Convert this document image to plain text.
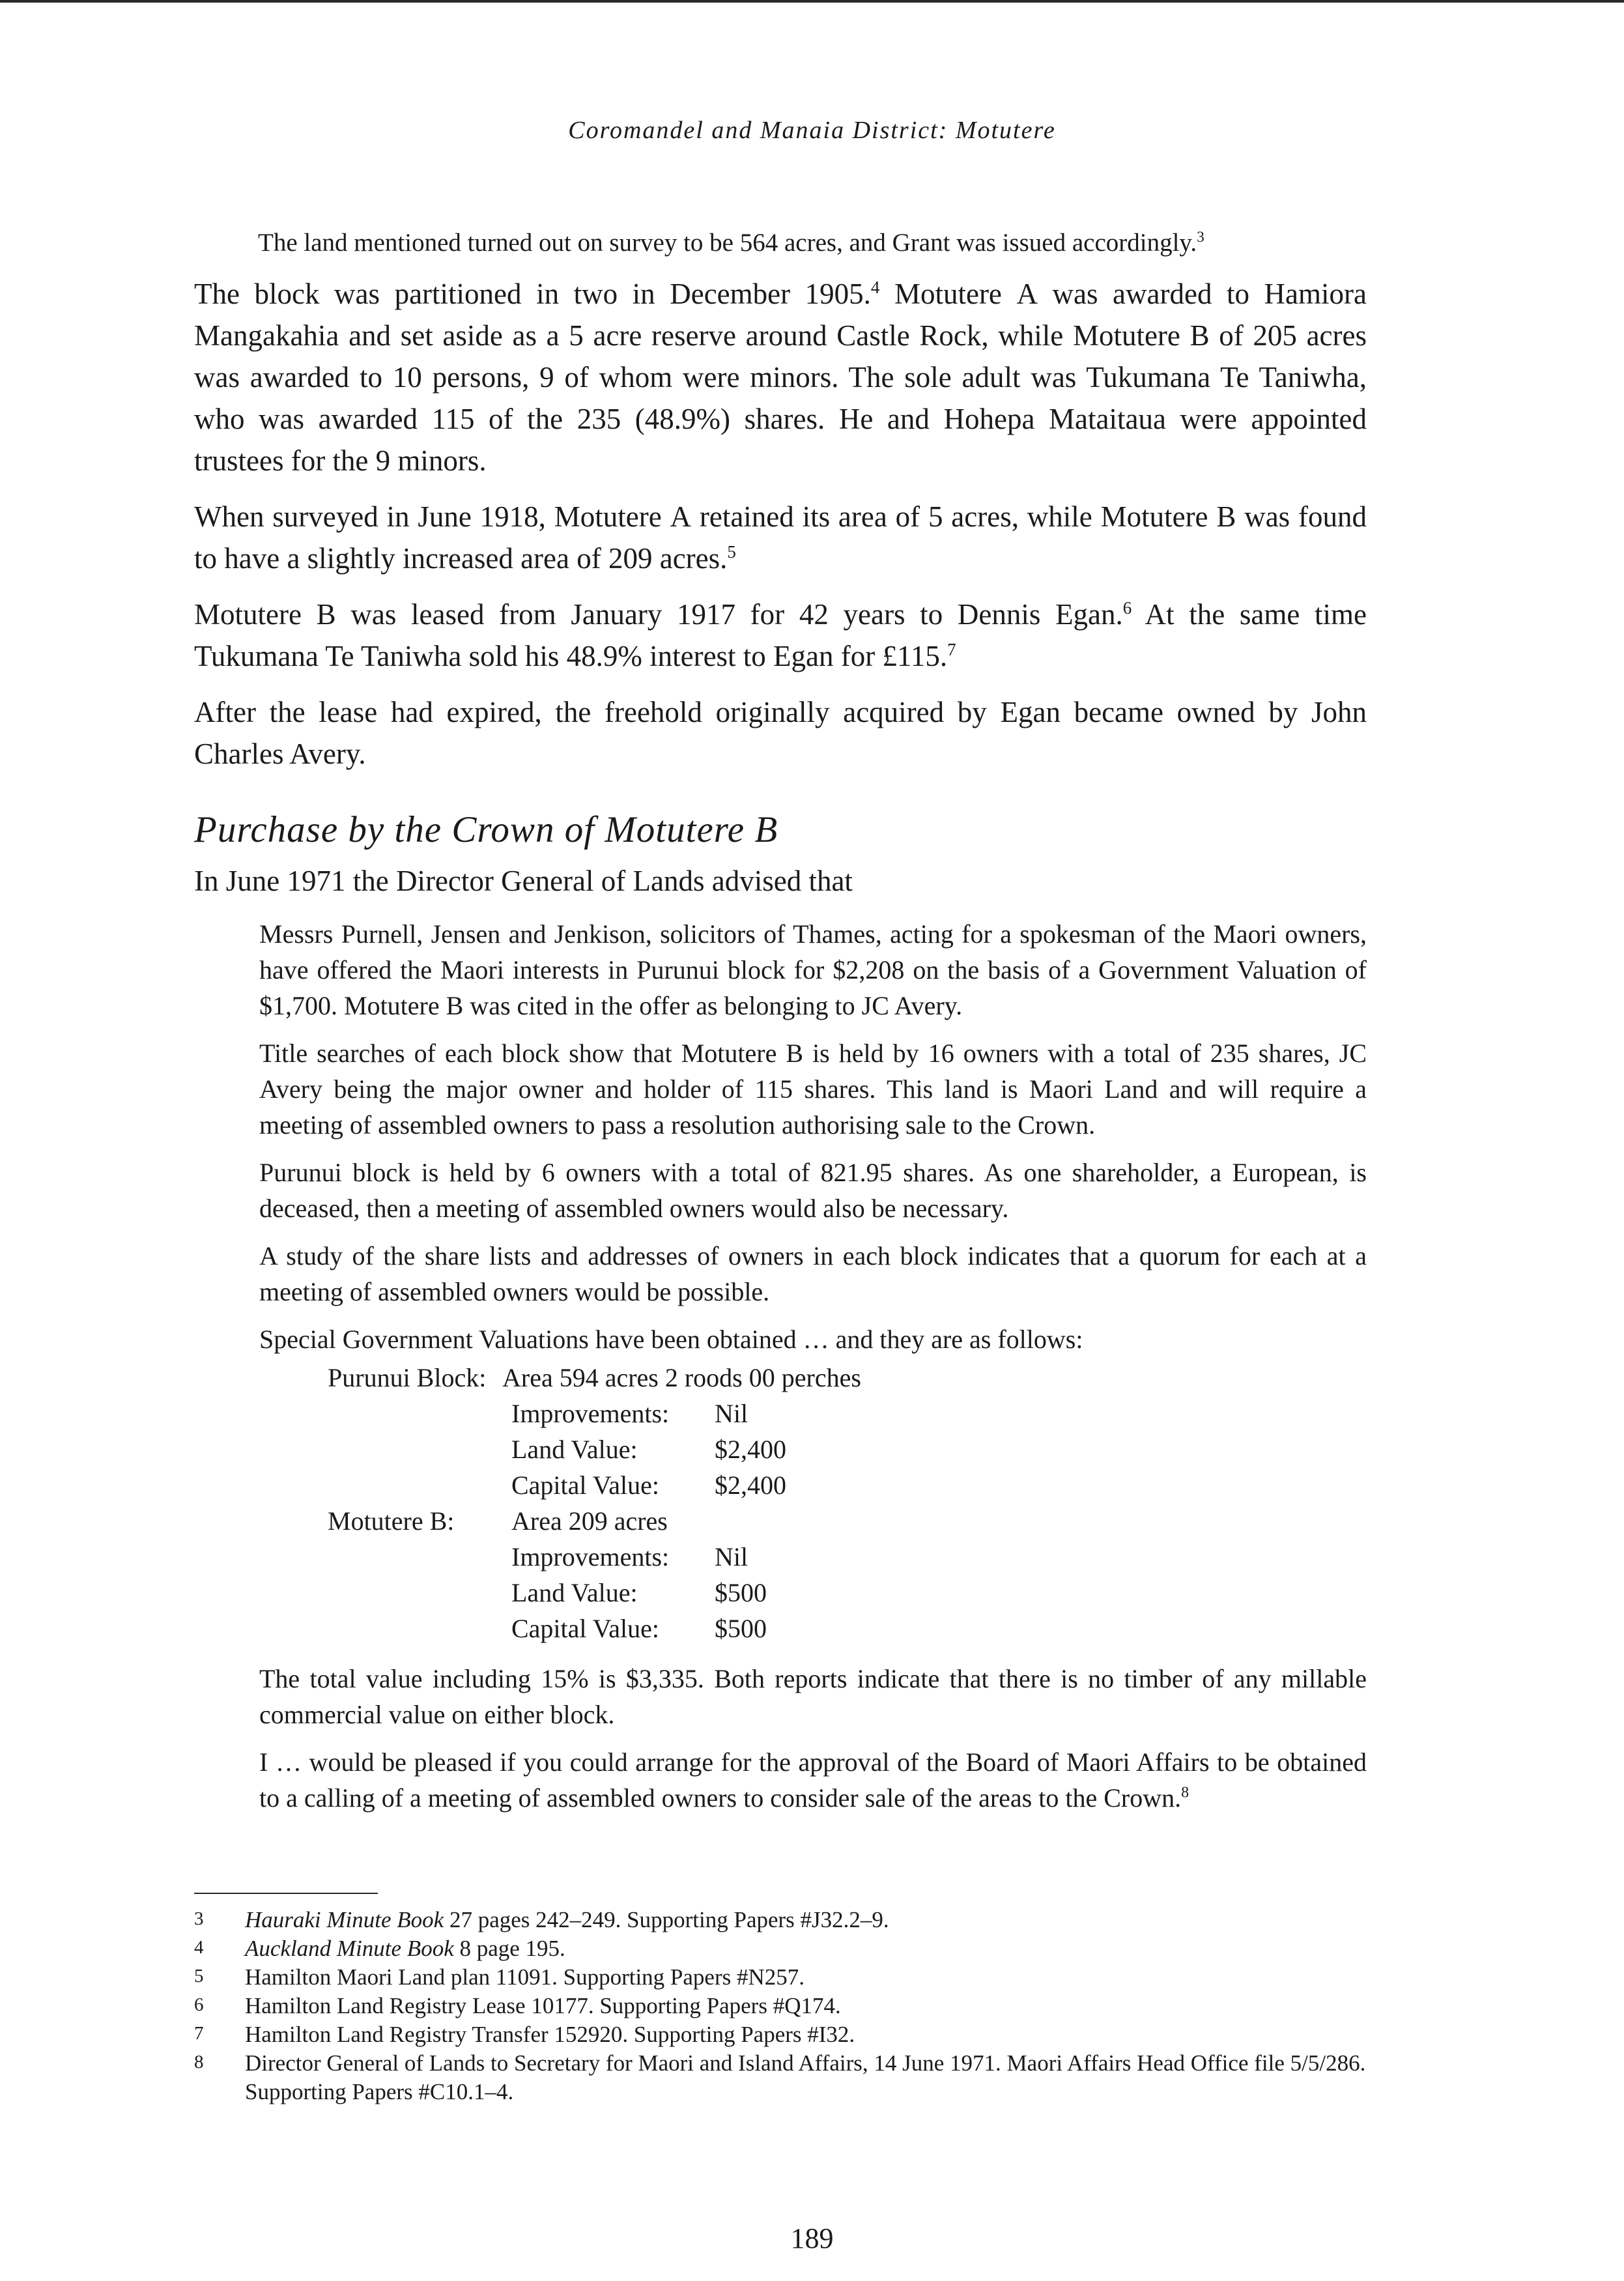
Coromandel and Manaia District: Motutere

The land mentioned turned out on survey to be 564 acres, and Grant was issued accordingly.$^3$

The block was partitioned in two in December 1905.$^4$ Motutere A was awarded to Hamiora Mangakahia and set aside as a 5 acre reserve around Castle Rock, while Motutere B of 205 acres was awarded to 10 persons, 9 of whom were minors. The sole adult was Tukumana Te Taniwha, who was awarded 115 of the 235 (48.9%) shares. He and Hohepa Mataitaua were appointed trustees for the 9 minors.

When surveyed in June 1918, Motutere A retained its area of 5 acres, while Motutere B was found to have a slightly increased area of 209 acres.$^5$

Motutere B was leased from January 1917 for 42 years to Dennis Egan.$^6$ At the same time Tukumana Te Taniwha sold his 48.9% interest to Egan for £115.$^7$

After the lease had expired, the freehold originally acquired by Egan became owned by John Charles Avery.

Purchase by the Crown of Motutere B

In June 1971 the Director General of Lands advised that

Messrs Purnell, Jensen and Jenkison, solicitors of Thames, acting for a spokesman of the Maori owners, have offered the Maori interests in Purunui block for $2,208 on the basis of a Government Valuation of $1,700. Motutere B was cited in the offer as belonging to JC Avery.

Title searches of each block show that Motutere B is held by 16 owners with a total of 235 shares, JC Avery being the major owner and holder of 115 shares. This land is Maori Land and will require a meeting of assembled owners to pass a resolution authorising sale to the Crown.

Purunui block is held by 6 owners with a total of 821.95 shares. As one shareholder, a European, is deceased, then a meeting of assembled owners would also be necessary.

A study of the share lists and addresses of owners in each block indicates that a quorum for each at a meeting of assembled owners would be possible.

Special Government Valuations have been obtained … and they are as follows:

Purunui Block:	Area 594 acres 2 roods 00 perches
	Improvements:	Nil
	Land Value:	$2,400
	Capital Value:	$2,400
Motutere B:	Area 209 acres
	Improvements:	Nil
	Land Value:	$500
	Capital Value:	$500

The total value including 15% is $3,335. Both reports indicate that there is no timber of any millable commercial value on either block.

I … would be pleased if you could arrange for the approval of the Board of Maori Affairs to be obtained to a calling of a meeting of assembled owners to consider sale of the areas to the Crown.$^8$

3	Hauraki Minute Book 27 pages 242–249. Supporting Papers #J32.2–9.
4	Auckland Minute Book 8 page 195.
5	Hamilton Maori Land plan 11091. Supporting Papers #N257.
6	Hamilton Land Registry Lease 10177. Supporting Papers #Q174.
7	Hamilton Land Registry Transfer 152920. Supporting Papers #I32.
8	Director General of Lands to Secretary for Maori and Island Affairs, 14 June 1971. Maori Affairs Head Office file 5/5/286. Supporting Papers #C10.1–4.
189
